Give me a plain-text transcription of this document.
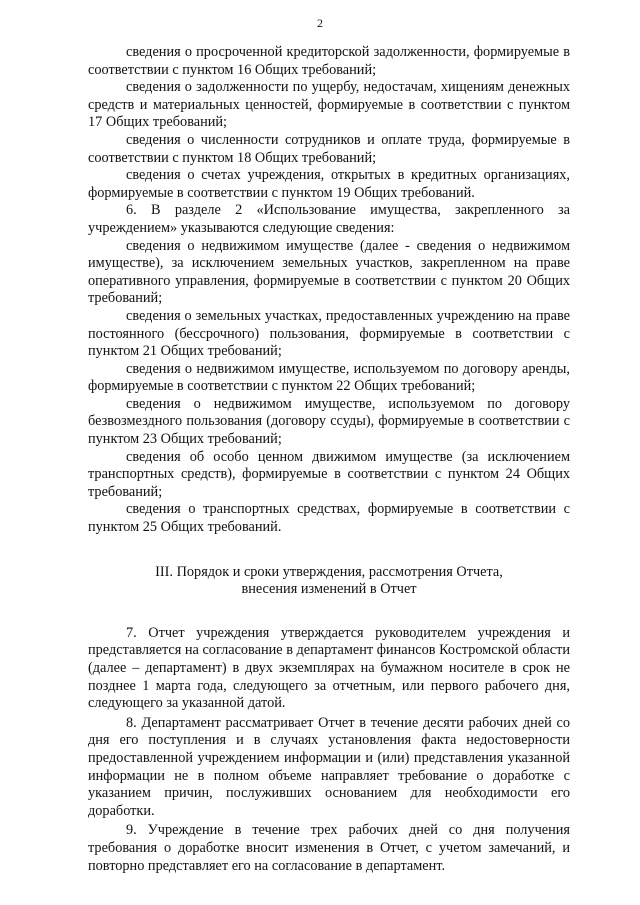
2

сведения о просроченной кредиторской задолженности, формируемые в соответствии с пунктом 16 Общих требований;

сведения о задолженности по ущербу, недостачам, хищениям денежных средств и материальных ценностей, формируемые в соответствии с пунктом 17 Общих требований;

сведения о численности сотрудников и оплате труда, формируемые в соответствии с пунктом 18 Общих требований;

сведения о счетах учреждения, открытых в кредитных организациях, формируемые в соответствии с пунктом 19 Общих требований.

6. В разделе 2 «Использование имущества, закрепленного за учреждением» указываются следующие сведения:

сведения о недвижимом имуществе (далее - сведения о недвижимом имуществе), за исключением земельных участков, закрепленном на праве оперативного управления, формируемые в соответствии с пунктом 20 Общих требований;

сведения о земельных участках, предоставленных учреждению на праве постоянного (бессрочного) пользования, формируемые в соответствии с пунктом 21 Общих требований;

сведения о недвижимом имуществе, используемом по договору аренды, формируемые в соответствии с пунктом 22 Общих требований;

сведения о недвижимом имуществе, используемом по договору безвозмездного пользования (договору ссуды), формируемые в соответствии с пунктом 23 Общих требований;

сведения об особо ценном движимом имуществе (за исключением транспортных средств), формируемые в соответствии с пунктом 24 Общих требований;

сведения о транспортных средствах, формируемые в соответствии с пунктом 25 Общих требований.

III. Порядок и сроки утверждения, рассмотрения Отчета,
внесения изменений в Отчет

7. Отчет учреждения утверждается руководителем учреждения и представляется на согласование в департамент финансов Костромской области (далее – департамент) в двух экземплярах на бумажном носителе в срок не позднее 1 марта года, следующего за отчетным, или первого рабочего дня, следующего за указанной датой.

8. Департамент рассматривает Отчет в течение десяти рабочих дней со дня его поступления и в случаях установления факта недостоверности предоставленной учреждением информации и (или) представления указанной информации не в полном объеме направляет требование о доработке с указанием причин, послуживших основанием для необходимости его доработки.

9. Учреждение в течение трех рабочих дней со дня получения требования о доработке вносит изменения в Отчет, с учетом замечаний, и повторно представляет его на согласование в департамент.
